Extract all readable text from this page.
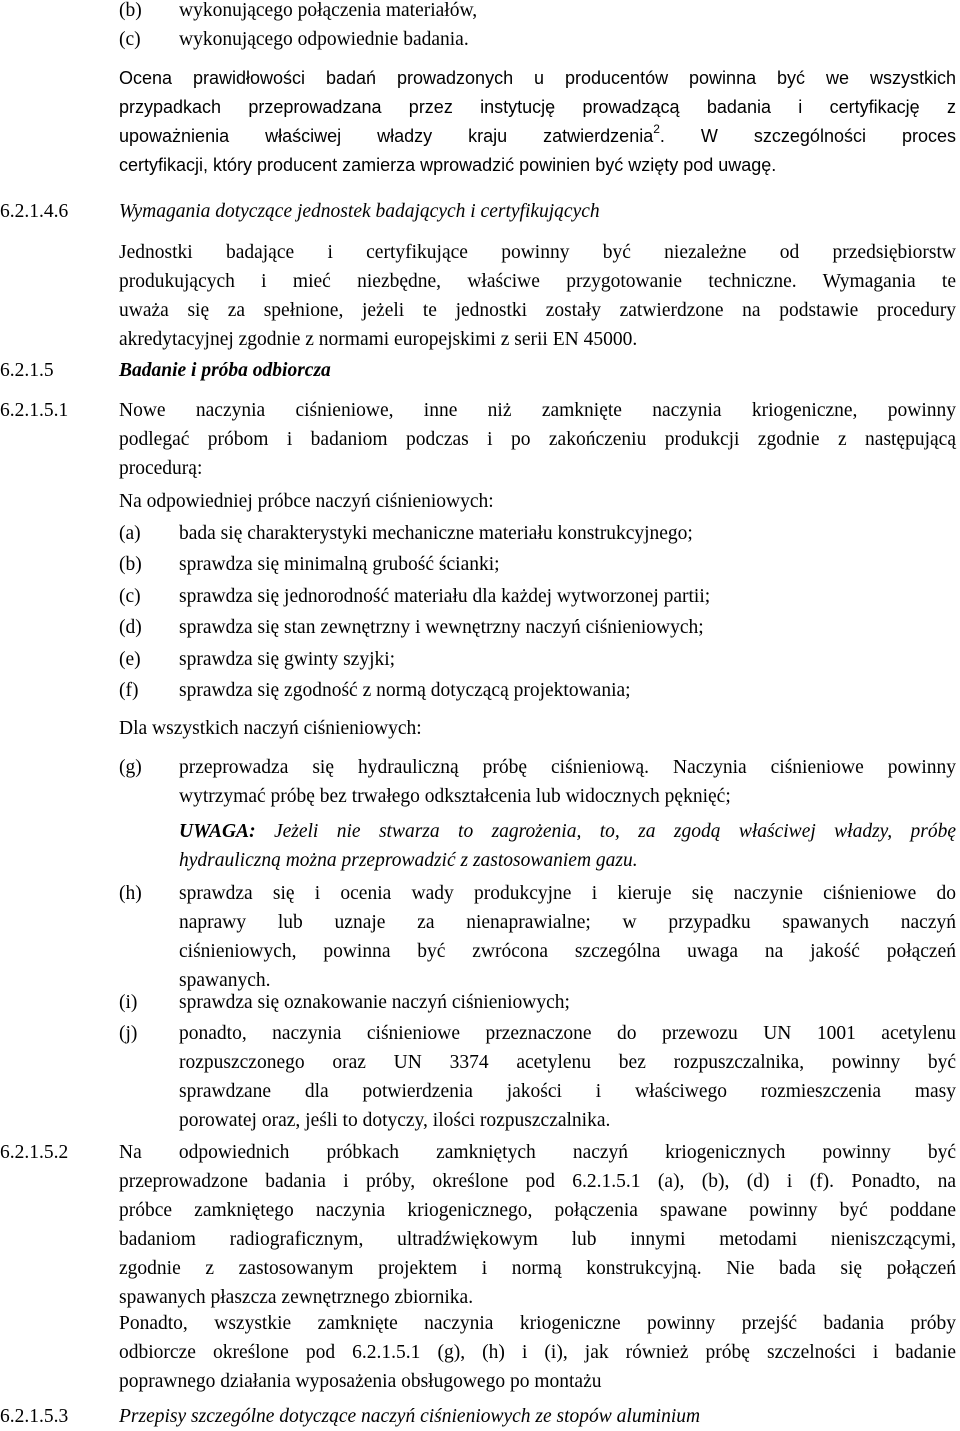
(b) wykonującego połączenia materiałów,
(c) wykonującego odpowiednie badania.
Ocena prawidłowości badań prowadzonych u producentów powinna być we wszystkich
przypadkach przeprowadzana przez instytucję prowadzącą badania i certyfikację z
upoważnienia właściwej władzy kraju zatwierdzenia$^2$. W szczególności proces
certyfikacji, który producent zamierza wprowadzić powinien być wzięty pod uwagę.
6.2.1.4.6	Wymagania dotyczące jednostek badających i certyfikujących
Jednostki badające i certyfikujące powinny być niezależne od przedsiębiorstw
produkujących i mieć niezbędne, właściwe przygotowanie techniczne. Wymagania te
uważa się za spełnione, jeżeli te jednostki zostały zatwierdzone na podstawie procedury
akredytacyjnej zgodnie z normami europejskimi z serii EN 45000.
6.2.1.5	Badanie i próba odbiorcza
6.2.1.5.1	Nowe naczynia ciśnieniowe, inne niż zamknięte naczynia kriogeniczne, powinny
podlegać próbom i badaniom podczas i po zakończeniu produkcji zgodnie z następującą
procedurą:
Na odpowiedniej próbce naczyń ciśnieniowych:
(a) bada się charakterystyki mechaniczne materiału konstrukcyjnego;
(b) sprawdza się minimalną grubość ścianki;
(c) sprawdza się jednorodność materiału dla każdej wytworzonej partii;
(d) sprawdza się stan zewnętrzny i wewnętrzny naczyń ciśnieniowych;
(e) sprawdza się gwinty szyjki;
(f) sprawdza się zgodność z normą dotyczącą projektowania;
Dla wszystkich naczyń ciśnieniowych:
(g) przeprowadza się hydrauliczną próbę ciśnieniową. Naczynia ciśnieniowe powinny
wytrzymać próbę bez trwałego odkształcenia lub widocznych pęknięć;
UWAGA: Jeżeli nie stwarza to zagrożenia, to, za zgodą właściwej władzy, próbę
hydrauliczną można przeprowadzić z zastosowaniem gazu.
(h) sprawdza się i ocenia wady produkcyjne i kieruje się naczynie ciśnieniowe do
naprawy lub uznaje za nienaprawialne; w przypadku spawanych naczyń
ciśnieniowych, powinna być zwrócona szczególna uwaga na jakość połączeń
spawanych.
(i) sprawdza się oznakowanie naczyń ciśnieniowych;
(j) ponadto, naczynia ciśnieniowe przeznaczone do przewozu UN 1001 acetylenu
rozpuszczonego oraz UN 3374 acetylenu bez rozpuszczalnika, powinny być
sprawdzane dla potwierdzenia jakości i właściwego rozmieszczenia masy
porowatej oraz, jeśli to dotyczy, ilości rozpuszczalnika.
6.2.1.5.2	Na odpowiednich próbkach zamkniętych naczyń kriogenicznych powinny być
przeprowadzone badania i próby, określone pod 6.2.1.5.1 (a), (b), (d) i (f). Ponadto, na
próbce zamkniętego naczynia kriogenicznego, połączenia spawane powinny być poddane
badaniom radiograficznym, ultradźwiękowym lub innymi metodami nieniszczącymi,
zgodnie z zastosowanym projektem i normą konstrukcyjną. Nie bada się połączeń
spawanych płaszcza zewnętrznego zbiornika.
Ponadto, wszystkie zamknięte naczynia kriogeniczne powinny przejść badania próby
odbiorcze określone pod 6.2.1.5.1 (g), (h) i (i), jak również próbę szczelności i badanie
poprawnego działania wyposażenia obsługowego po montażu
6.2.1.5.3	Przepisy szczególne dotyczące naczyń ciśnieniowych ze stopów aluminium
